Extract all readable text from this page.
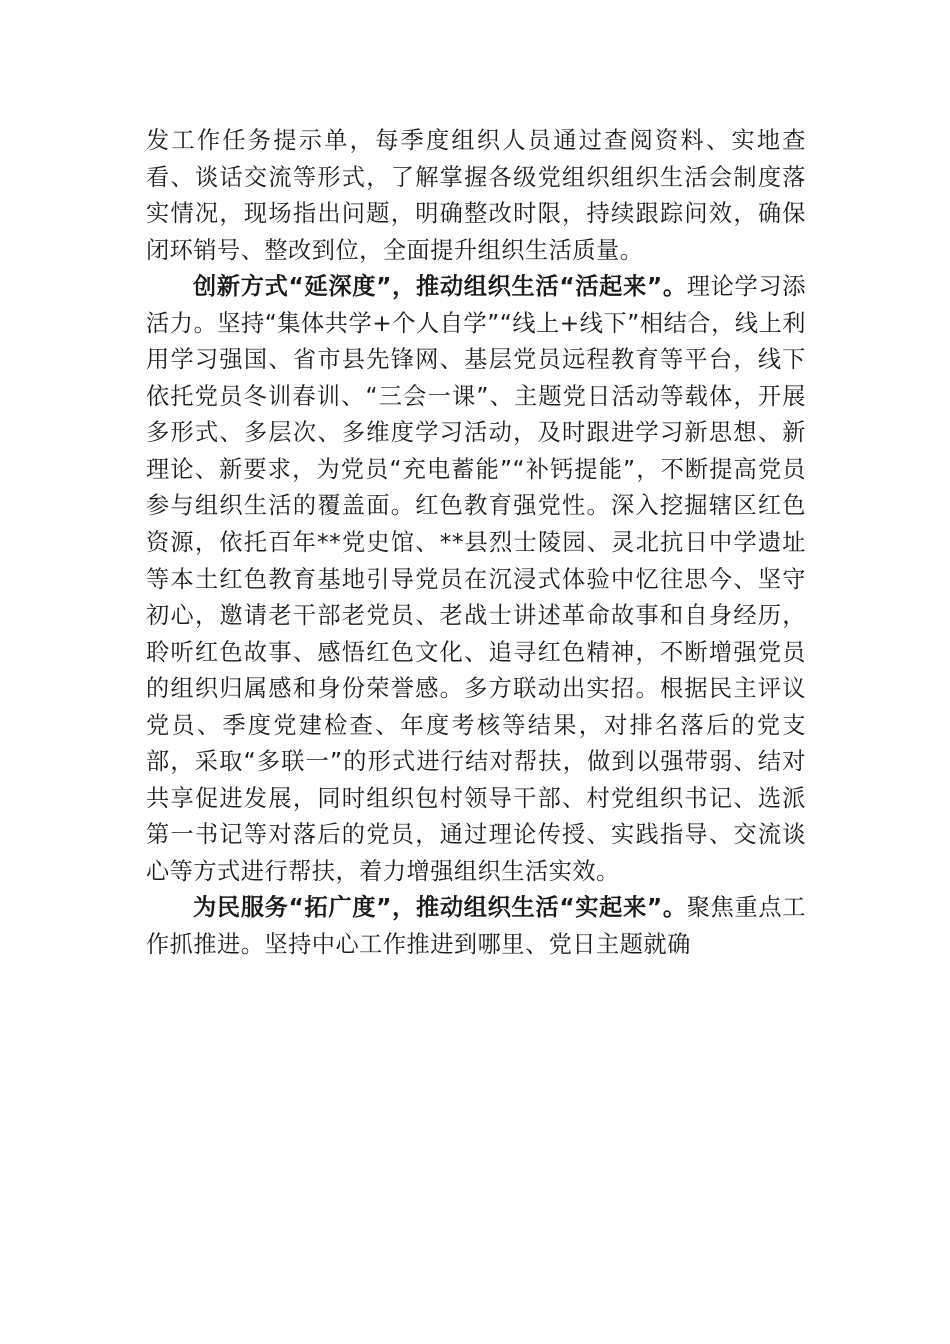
发工作任务提示单，每季度组织人员通过查阅资料、实地查看、谈话交流等形式，了解掌握各级党组织组织生活会制度落实情况，现场指出问题，明确整改时限，持续跟踪问效，确保闭环销号、整改到位，全面提升组织生活质量。

创新方式“延深度”，推动组织生活“活起来”。理论学习添活力。坚持“集体共学+个人自学”“线上+线下”相结合，线上利用学习强国、省市县先锋网、基层党员远程教育等平台，线下依托党员冬训春训、“三会一课”、主题党日活动等载体，开展多形式、多层次、多维度学习活动，及时跟进学习新思想、新理论、新要求，为党员“充电蓄能”“补钙提能”，不断提高党员参与组织生活的覆盖面。红色教育强党性。深入挖掘辖区红色资源，依托百年**党史馆、**县烈士陵园、灵北抗日中学遗址等本土红色教育基地引导党员在沉浸式体验中忆往思今、坚守初心，邀请老干部老党员、老战士讲述革命故事和自身经历，聆听红色故事、感悟红色文化、追寻红色精神，不断增强党员的组织归属感和身份荣誉感。多方联动出实招。根据民主评议党员、季度党建检查、年度考核等结果，对排名落后的党支部，采取“多联一”的形式进行结对帮扶，做到以强带弱、结对共享促进发展，同时组织包村领导干部、村党组织书记、选派第一书记等对落后的党员，通过理论传授、实践指导、交流谈心等方式进行帮扶，着力增强组织生活实效。

为民服务“拓广度”，推动组织生活“实起来”。聚焦重点工作抓推进。坚持中心工作推进到哪里、党日主题就确
